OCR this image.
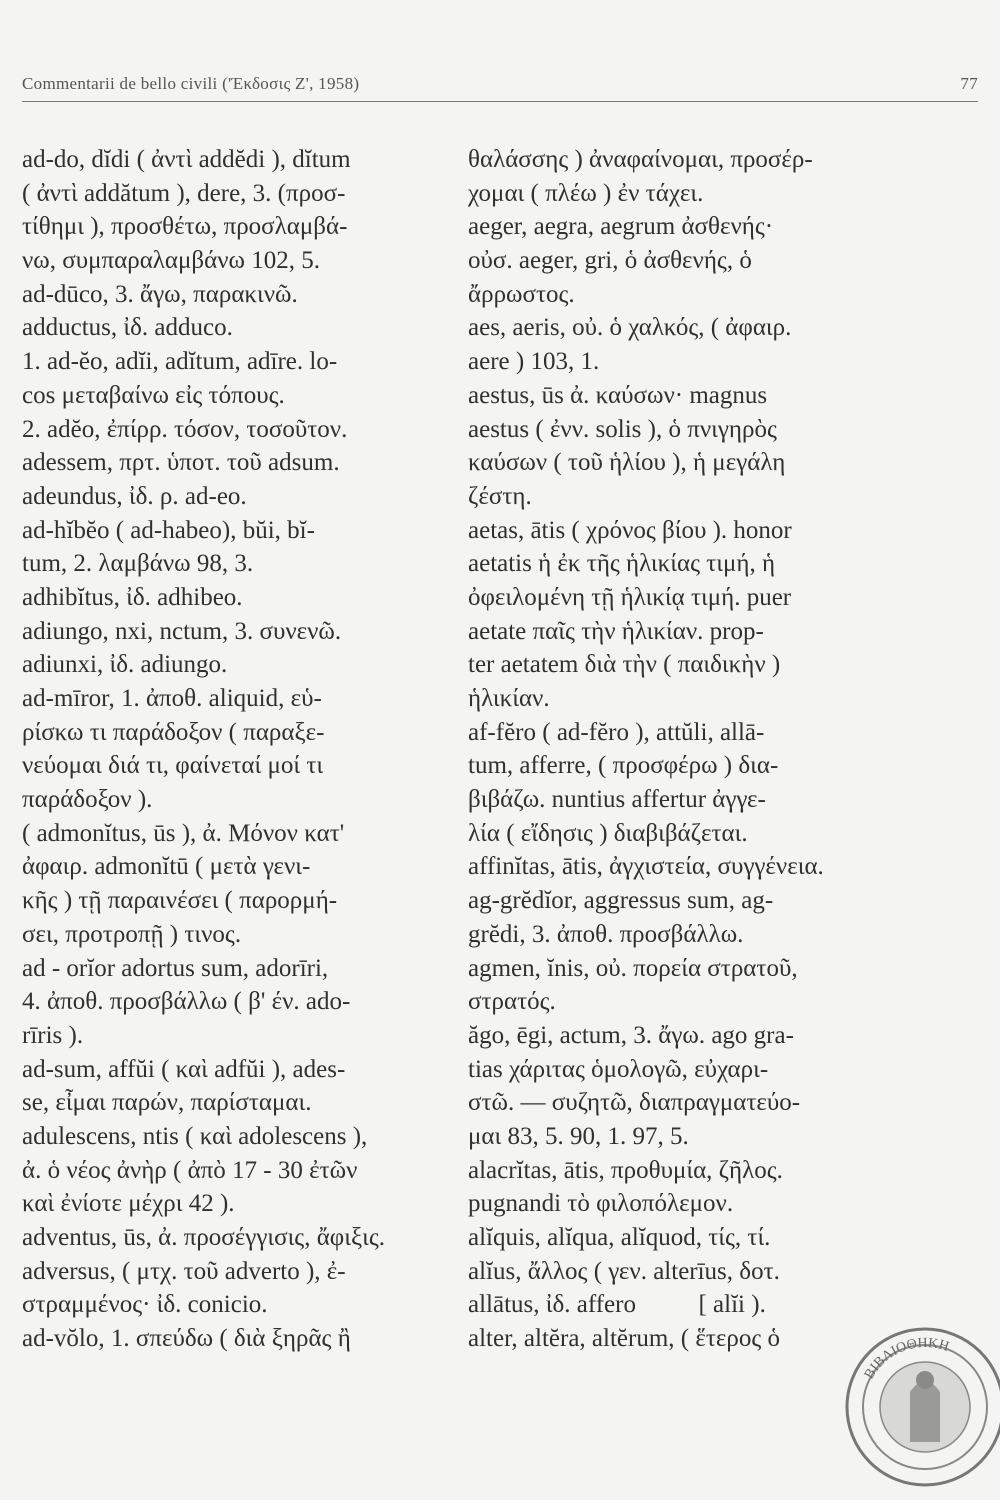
Commentarii de bello civili ('Έκδοσις Ζ', 1958)	77
ad-do, dĭdi ( ἀντὶ addĕdi ), dĭtum
( ἀντὶ addătum ), dere, 3. (προσ-
τίθημι ), προσθέτω, προσλαμβά-
νω, συμπαραλαμβάνω 102, 5.
ad-dūco, 3. ἄγω, παρακινῶ.
adductus, ἰδ. adduco.
1. ad-ĕo, adĭi, adĭtum, adīre. lo-
cos μεταβαίνω εἰς τόπους.
2. adĕo, ἐπίρρ. τόσον, τοσοῦτον.
adessem, πρτ. ὑποτ. τοῦ adsum.
adeundus, ἰδ. ρ. ad-eo.
ad-hĭbĕo ( ad-habeo), bŭi, bĭ-
tum, 2. λαμβάνω 98, 3.
adhibĭtus, ἰδ. adhibeo.
adiungo, nxi, nctum, 3. συνενῶ.
adiunxi, ἰδ. adiungo.
ad-mīror, 1. ἀποθ. aliquid, εὑ-
ρίσκω τι παράδοξον ( παραξε-
νεύομαι διά τι, φαίνεταί μοί τι
παράδοξον ).
( admonĭtus, ūs ), ἀ. Μόνον κατ'
ἀφαιρ. admonĭtū ( μετὰ γενι-
κῆς ) τῇ παραινέσει ( παρορμή-
σει, προτροπῇ ) τινος.
ad - orĭor adortus sum, adorīri,
4. ἀποθ. προσβάλλω ( β' έν. ado-
rīris ).
ad-sum, affŭi ( καὶ adfŭi ), ades-
se, εἶμαι παρών, παρίσταμαι.
adulescens, ntis ( καὶ adolescens ),
ἀ. ὁ νέος ἀνὴρ ( ἀπὸ 17 - 30 ἐτῶν
καὶ ἐνίοτε μέχρι 42 ).
adventus, ūs, ἀ. προσέγγισις, ἄφιξις.
adversus, ( μτχ. τοῦ adverto ), ἐ-
στραμμένος· ἰδ. conicio.
ad-vŏlo, 1. σπεύδω ( διὰ ξηρᾶς ἢ
θαλάσσης ) ἀναφαίνομαι, προσέρ-
χομαι ( πλέω ) ἐν τάχει.
aeger, aegra, aegrum ἀσθενής·
οὐσ. aeger, gri, ὁ ἀσθενής, ὁ
ἄρρωστος.
aes, aeris, οὐ. ὁ χαλκός, ( ἀφαιρ.
aere ) 103, 1.
aestus, ūs ἀ. καύσων· magnus
aestus ( ἐνν. solis ), ὁ πνιγηρὸς
καύσων ( τοῦ ἡλίου ), ἡ μεγάλη
ζέστη.
aetas, ātis ( χρόνος βίου ). honor
aetatis ἡ ἐκ τῆς ἡλικίας τιμή, ἡ
ὀφειλομένη τῇ ἡλικίᾳ τιμή. puer
aetate παῖς τὴν ἡλικίαν. prop-
ter aetatem διὰ τὴν ( παιδικὴν )
ἡλικίαν.
af-fĕro ( ad-fĕro ), attŭli, allā-
tum, afferre, ( προσφέρω ) δια-
βιβάζω. nuntius affertur ἀγγε-
λία ( εἴδησις ) διαβιβάζεται.
affinĭtas, ātis, ἀγχιστεία, συγγένεια.
ag-grĕdĭor, aggressus sum, ag-
grĕdi, 3. ἀποθ. προσβάλλω.
agmen, ĭnis, οὐ. πορεία στρατοῦ,
στρατός.
ăgo, ēgi, actum, 3. ἄγω. ago gra-
tias χάριτας ὁμολογῶ, εὐχαρι-
στῶ. — συζητῶ, διαπραγματεύο-
μαι 83, 5. 90, 1. 97, 5.
alacrĭtas, ātis, προθυμία, ζῆλος.
pugnandi τὸ φιλοπόλεμον.
alĭquis, alĭqua, alĭquod, τίς, τί.
alĭus, ἄλλος ( γεν. alterīus, δοτ.
allātus, ἰδ. affero          [ alĭi ).
alter, altĕra, altĕrum, ( ἕτερος ὁ
ΒΙΒΛΙΟΘΗΚΗ
